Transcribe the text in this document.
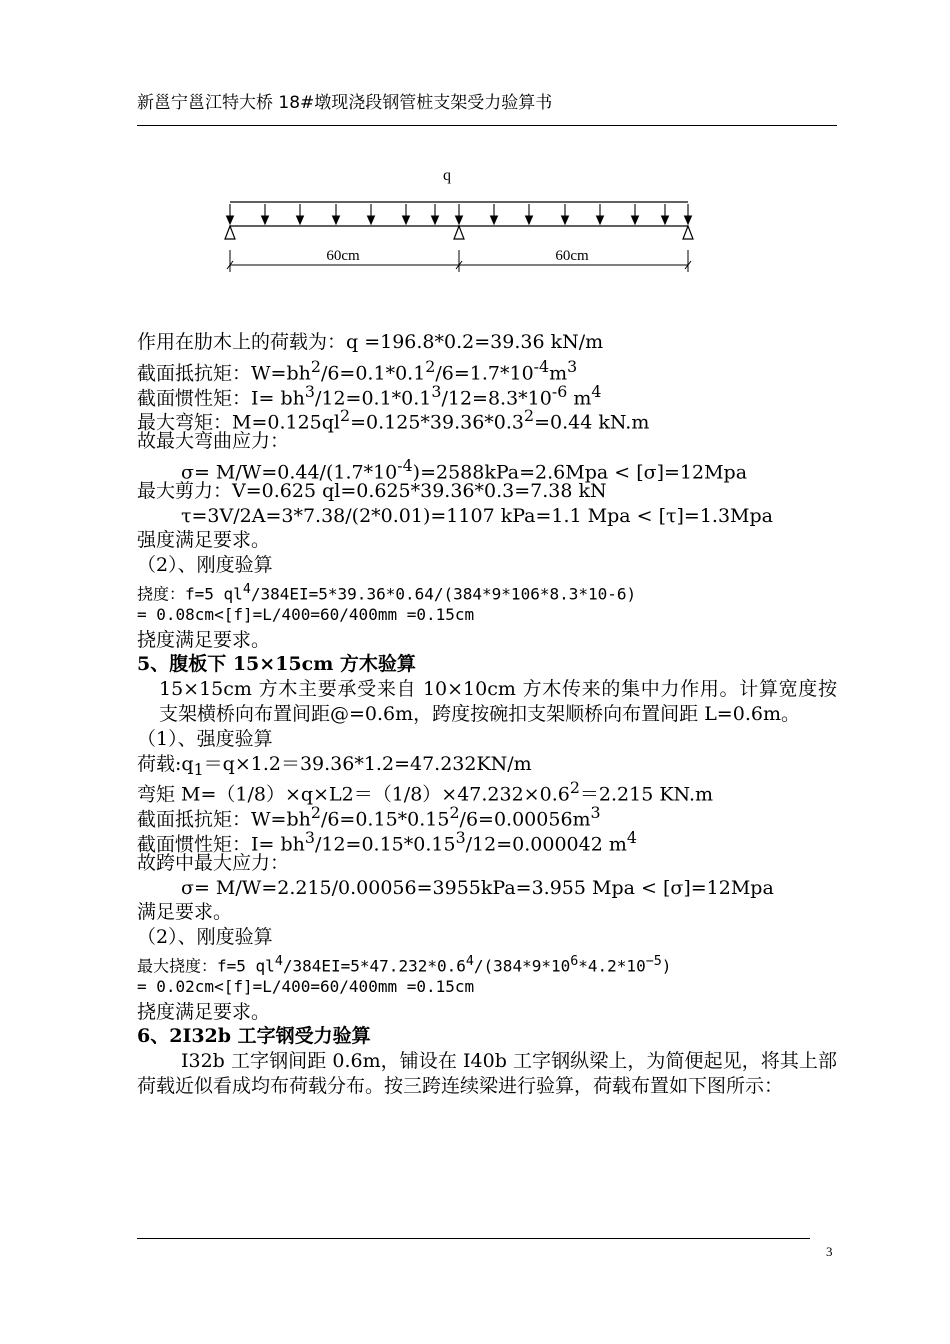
新邕宁邕江特大桥 18#墩现浇段钢管桩支架受力验算书
q
60cm	60cm
作用在肋木上的荷载为：q =196.8*0.2=39.36 kN/m
截面抵抗矩：$W=bh^2/6=0.1*0.1^2/6=1.7*10^{-4}m^3$
截面惯性矩：$I= bh^3/12=0.1*0.1^3/12=8.3*10^{-6}$ $m^4$
最大弯矩：$M=0.125ql^2=0.125*39.36*0.3^2=0.44$ kN.m
故最大弯曲应力：
$\sigma= M/W=0.44/(1.7*10^{-4})=2588kPa=2.6Mpa < [\sigma]=12Mpa$
最大剪力：V=0.625 ql=0.625*39.36*0.3=7.38 kN
τ=3V/2A=3*7.38/(2*0.01)=1107 kPa=1.1 Mpa < [τ]=1.3Mpa
强度满足要求。
（2）、刚度验算
挠度：f=5 $ql^4/384EI=5*39.36*0.64/(384*9*106*8.3*10-6)$
= 0.08cm<[f]=L/400=60/400mm =0.15cm
挠度满足要求。
5、腹板下 15×15cm 方木验算
15×15cm 方木主要承受来自 10×10cm 方木传来的集中力作用。计算宽度按支架横桥向布置间距@=0.6m，跨度按碗扣支架顺桥向布置间距 L=0.6m。
（1）、强度验算
荷载$:q_1=q\times 1.2=39.36*1.2=47.232KN/m$
弯矩 $M=(1/8)\times q\times L2=(1/8)\times 47.232\times 0.6^2=2.215$ KN.m
截面抵抗矩：$W=bh^2/6=0.15*0.15^2/6=0.00056m^3$
截面惯性矩：$I= bh^3/12=0.15*0.15^3/12=0.000042$ $m^4$
故跨中最大应力：
σ= M/W=2.215/0.00056=3955kPa=3.955 Mpa < [σ]=12Mpa
满足要求。
（2）、刚度验算
最大挠度：f=5 $ql^4/384EI=5*47.232*0.6^4/(384*9*10^6*4.2*10^{-5})$
= 0.02cm<[f]=L/400=60/400mm =0.15cm
挠度满足要求。
6、2I32b 工字钢受力验算
I32b 工字钢间距 0.6m，铺设在 I40b 工字钢纵梁上，为简便起见，将其上部荷载近似看成均布荷载分布。按三跨连续梁进行验算，荷载布置如下图所示：
3
